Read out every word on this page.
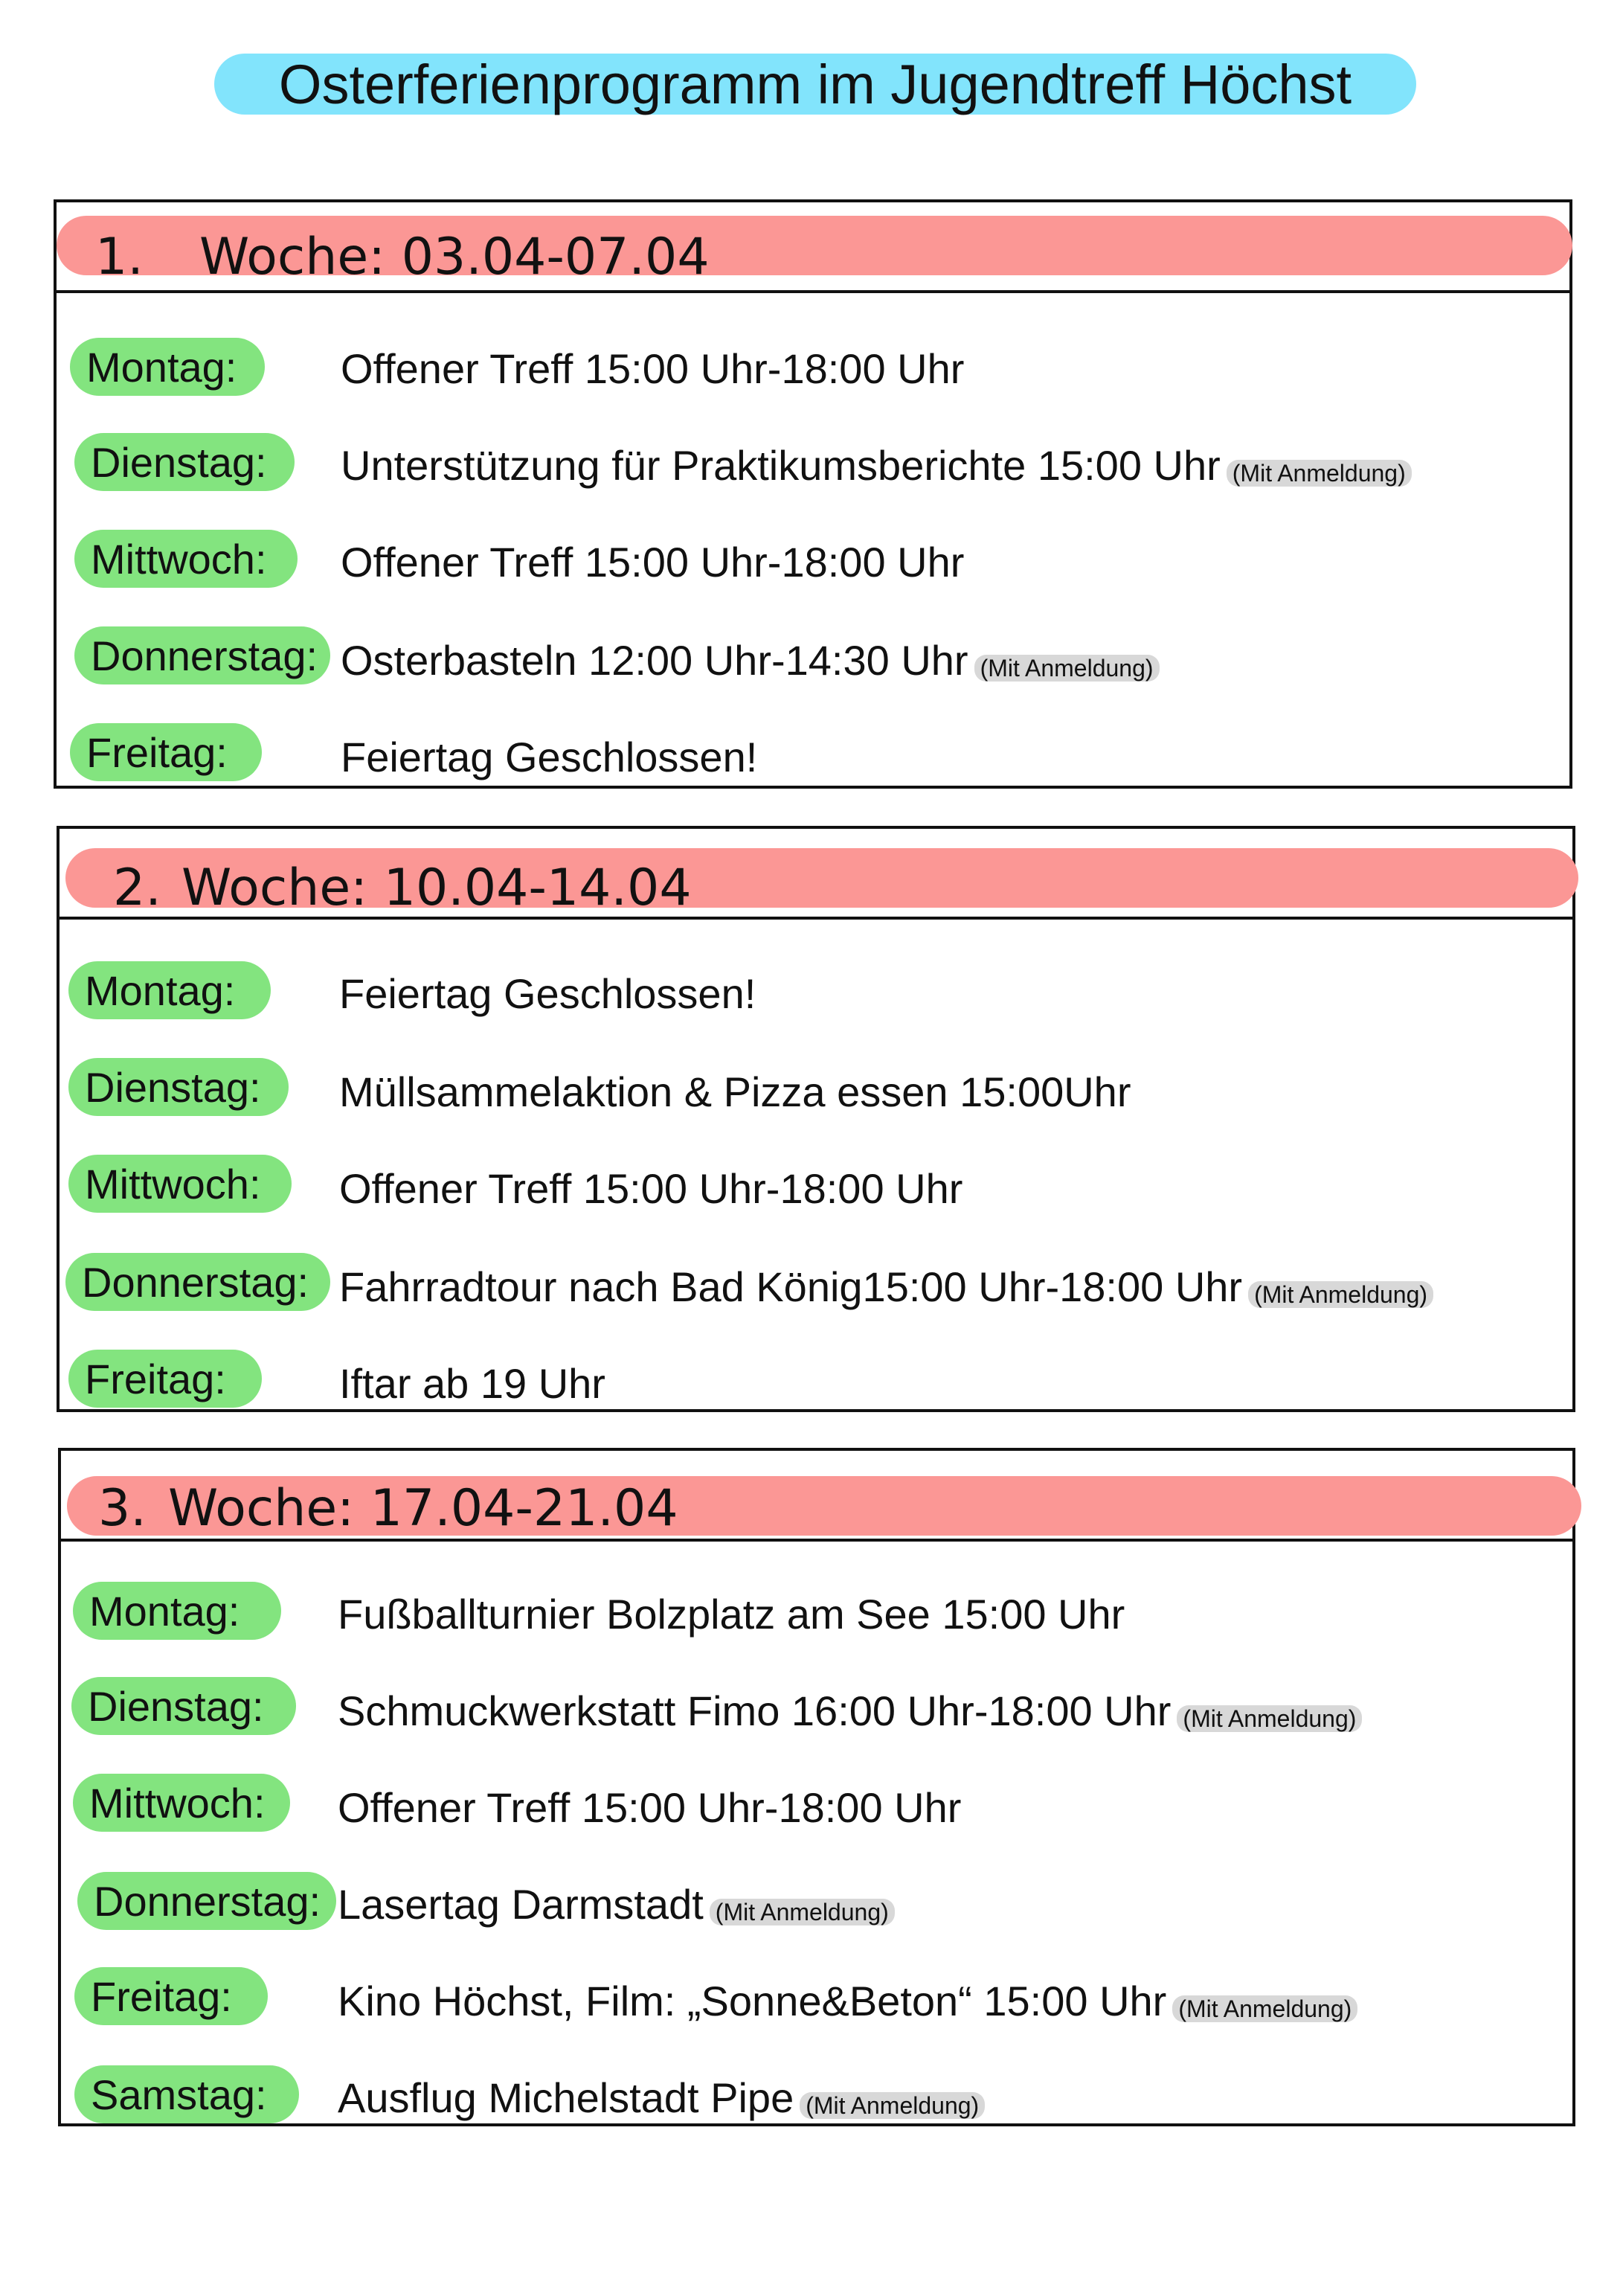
Osterferienprogramm im Jugendtreff Höchst
1. Woche: 03.04-07.04
Montag:	Offener Treff 15:00 Uhr-18:00 Uhr
Dienstag:	Unterstützung für Praktikumsberichte 15:00 Uhr (Mit Anmeldung)
Mittwoch:	Offener Treff 15:00 Uhr-18:00 Uhr
Donnerstag: Osterbasteln 12:00 Uhr-14:30 Uhr (Mit Anmeldung)
Freitag:	Feiertag Geschlossen!
2. Woche: 10.04-14.04
Montag:	Feiertag Geschlossen!
Dienstag:	Müllsammelaktion & Pizza essen 15:00Uhr
Mittwoch:	Offener Treff 15:00 Uhr-18:00 Uhr
Donnerstag: Fahrradtour nach Bad König15:00 Uhr-18:00 Uhr (Mit Anmeldung)
Freitag:	Iftar ab 19 Uhr
3. Woche: 17.04-21.04
Montag:	Fußballturnier Bolzplatz am See 15:00 Uhr
Dienstag:	Schmuckwerkstatt Fimo 16:00 Uhr-18:00 Uhr (Mit Anmeldung)
Mittwoch:	Offener Treff 15:00 Uhr-18:00 Uhr
Donnerstag: Lasertag Darmstadt (Mit Anmeldung)
Freitag:	Kino Höchst, Film: „Sonne&Beton“ 15:00 Uhr (Mit Anmeldung)
Samstag:	Ausflug Michelstadt Pipe (Mit Anmeldung)
